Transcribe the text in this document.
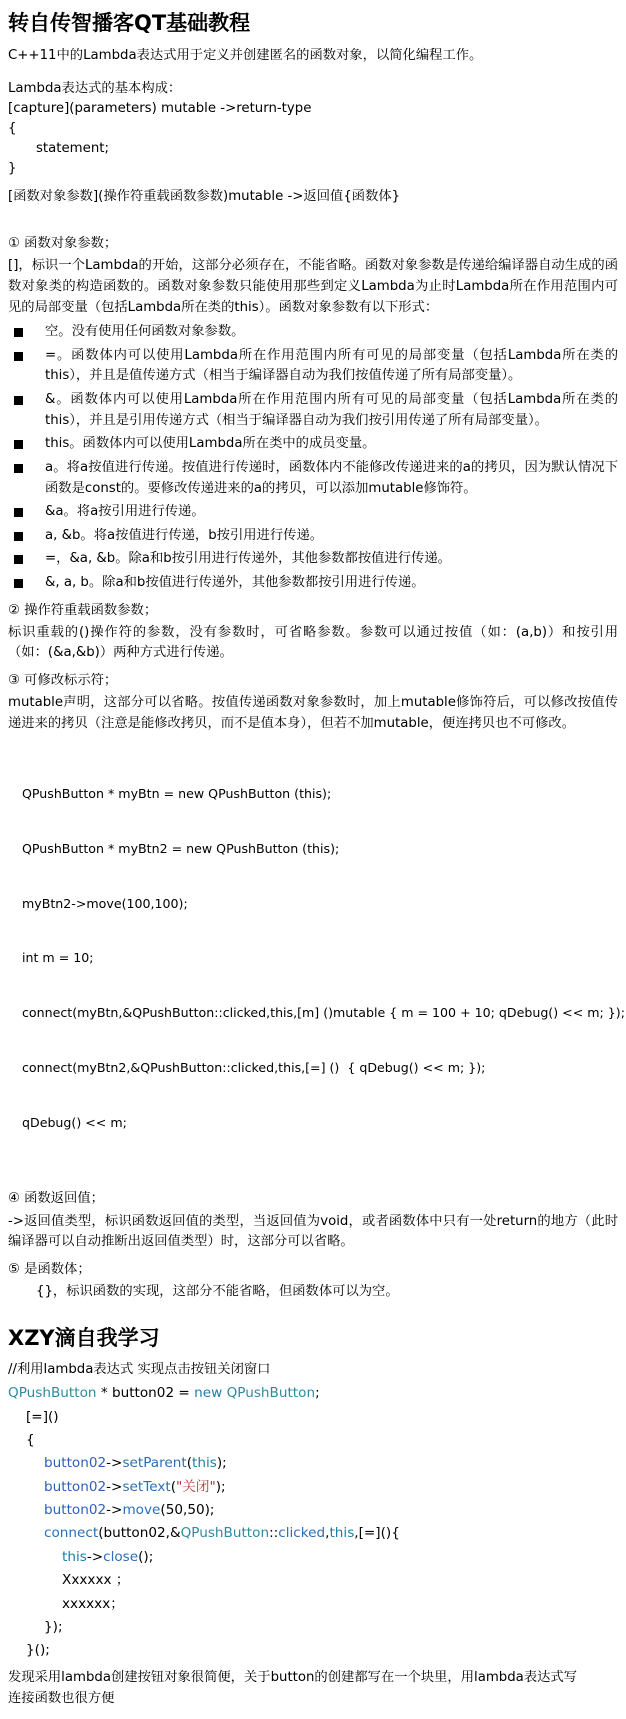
转自传智播客QT基础教程

C++11中的Lambda表达式用于定义并创建匿名的函数对象，以简化编程工作。

Lambda表达式的基本构成：

[capture](parameters) mutable ->return-type

{

statement;

}

[函数对象参数](操作符重载函数参数)mutable ->返回值{函数体}

① 函数对象参数；

[]，标识一个Lambda的开始，这部分必须存在，不能省略。函数对象参数是传递给编译器自动生成的函数对象类的构造函数的。函数对象参数只能使用那些到定义Lambda为止时Lambda所在作用范围内可见的局部变量（包括Lambda所在类的this）。函数对象参数有以下形式：

空。没有使用任何函数对象参数。
=。函数体内可以使用Lambda所在作用范围内所有可见的局部变量（包括Lambda所在类的this），并且是值传递方式（相当于编译器自动为我们按值传递了所有局部变量）。
&。函数体内可以使用Lambda所在作用范围内所有可见的局部变量（包括Lambda所在类的this），并且是引用传递方式（相当于编译器自动为我们按引用传递了所有局部变量）。
this。函数体内可以使用Lambda所在类中的成员变量。
a。将a按值进行传递。按值进行传递时，函数体内不能修改传递进来的a的拷贝，因为默认情况下函数是const的。要修改传递进来的a的拷贝，可以添加mutable修饰符。
&a。将a按引用进行传递。
a, &b。将a按值进行传递，b按引用进行传递。
=，&a, &b。除a和b按引用进行传递外，其他参数都按值进行传递。
&, a, b。除a和b按值进行传递外，其他参数都按引用进行传递。

② 操作符重载函数参数；

标识重载的()操作符的参数，没有参数时，可省略参数。参数可以通过按值（如：(a,b)）和按引用（如：(&a,&b)）两种方式进行传递。

③ 可修改标示符；

mutable声明，这部分可以省略。按值传递函数对象参数时，加上mutable修饰符后，可以修改按值传递进来的拷贝（注意是能修改拷贝，而不是值本身），但若不加mutable，便连拷贝也不可修改。

QPushButton * myBtn = new QPushButton (this);

QPushButton * myBtn2 = new QPushButton (this);

myBtn2->move(100,100);

int m = 10;

connect(myBtn,&QPushButton::clicked,this,[m] ()mutable { m = 100 + 10; qDebug() << m; });

connect(myBtn2,&QPushButton::clicked,this,[=] ()  { qDebug() << m; });

qDebug() << m;

④ 函数返回值；

->返回值类型，标识函数返回值的类型，当返回值为void，或者函数体中只有一处return的地方（此时编译器可以自动推断出返回值类型）时，这部分可以省略。

⑤ 是函数体；

{}，标识函数的实现，这部分不能省略，但函数体可以为空。

XZY滴自我学习

//利用lambda表达式 实现点击按钮关闭窗口

QPushButton * button02 = new QPushButton;
[=]()
{
button02->setParent(this);
button02->setText("关闭");
button02->move(50,50);
connect(button02,&QPushButton::clicked,this,[=](){
this->close();
Xxxxxx ；
xxxxxx；
});
}();

发现采用lambda创建按钮对象很简便，关于button的创建都写在一个块里，用lambda表达式写

连接函数也很方便
